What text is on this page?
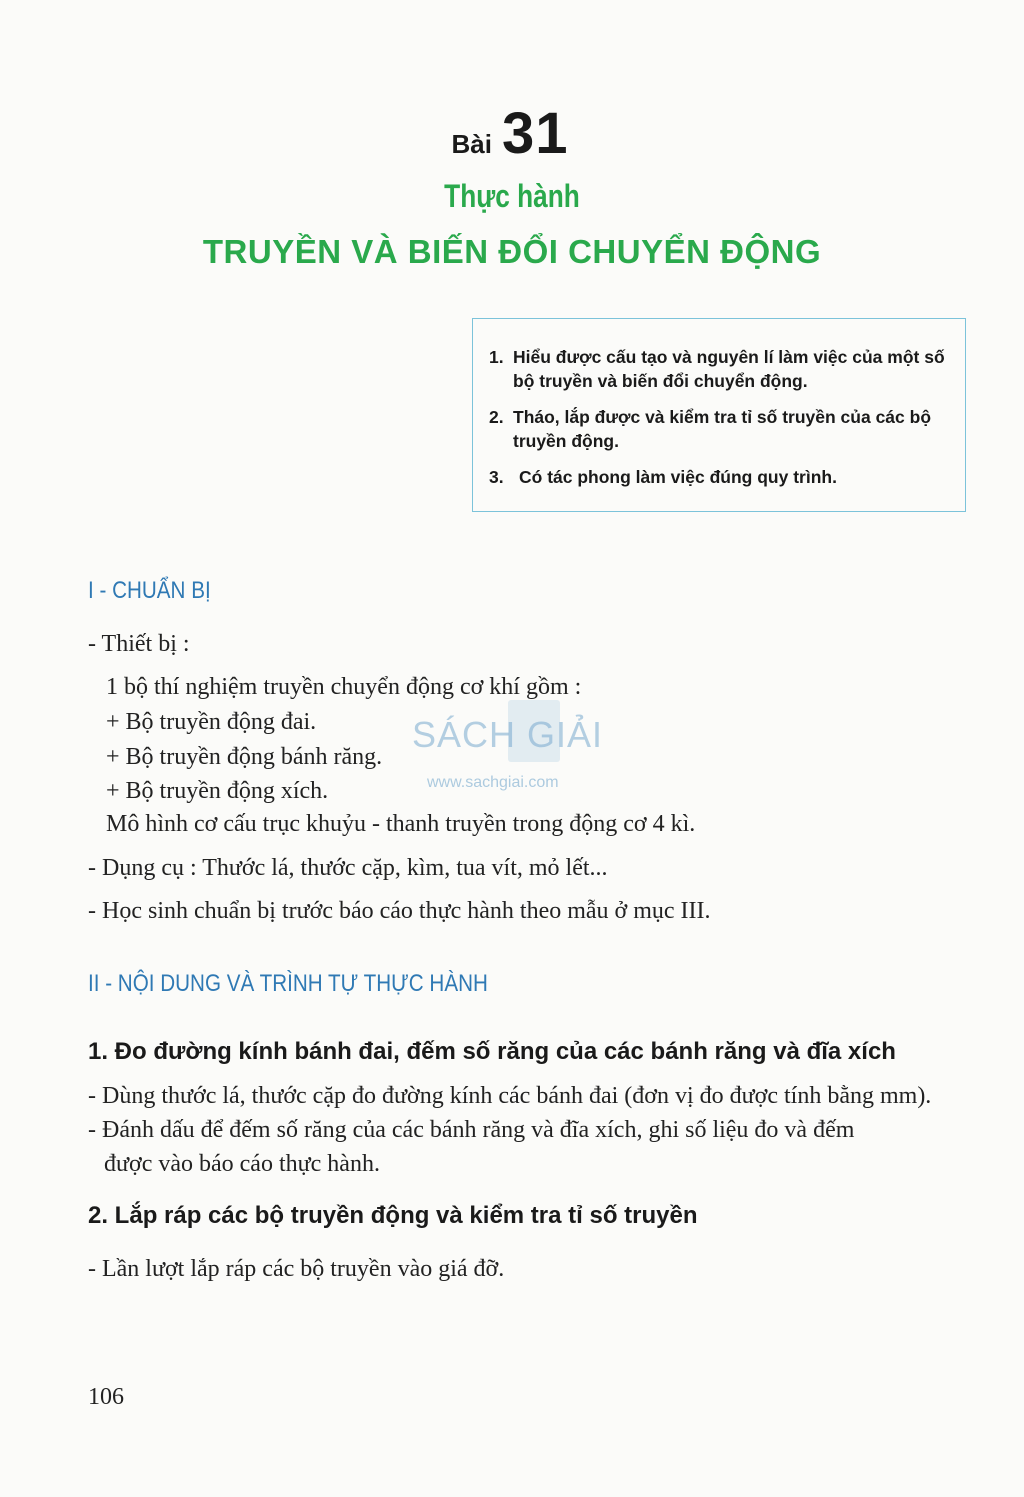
Bài 31
Thực hành
TRUYỀN VÀ BIẾN ĐỔI CHUYỂN ĐỘNG
1. Hiểu được cấu tạo và nguyên lí làm việc của một số bộ truyền và biến đổi chuyển động.
2. Tháo, lắp được và kiểm tra tỉ số truyền của các bộ truyền động.
3. Có tác phong làm việc đúng quy trình.
I - CHUẨN BỊ
- Thiết bị :
1 bộ thí nghiệm truyền chuyển động cơ khí gồm :
+ Bộ truyền động đai.
+ Bộ truyền động bánh răng.
+ Bộ truyền động xích.
Mô hình cơ cấu trục khuỷu - thanh truyền trong động cơ 4 kì.
- Dụng cụ : Thước lá, thước cặp, kìm, tua vít, mỏ lết...
- Học sinh chuẩn bị trước báo cáo thực hành theo mẫu ở mục III.
SÁCH GIẢI
www.sachgiai.com
II - NỘI DUNG VÀ TRÌNH TỰ THỰC HÀNH
1. Đo đường kính bánh đai, đếm số răng của các bánh răng và đĩa xích
- Dùng thước lá, thước cặp đo đường kính các bánh đai (đơn vị đo được tính bằng mm).
- Đánh dấu để đếm số răng của các bánh răng và đĩa xích, ghi số liệu đo và đếm
được vào báo cáo thực hành.
2. Lắp ráp các bộ truyền động và kiểm tra tỉ số truyền
- Lần lượt lắp ráp các bộ truyền vào giá đỡ.
106
